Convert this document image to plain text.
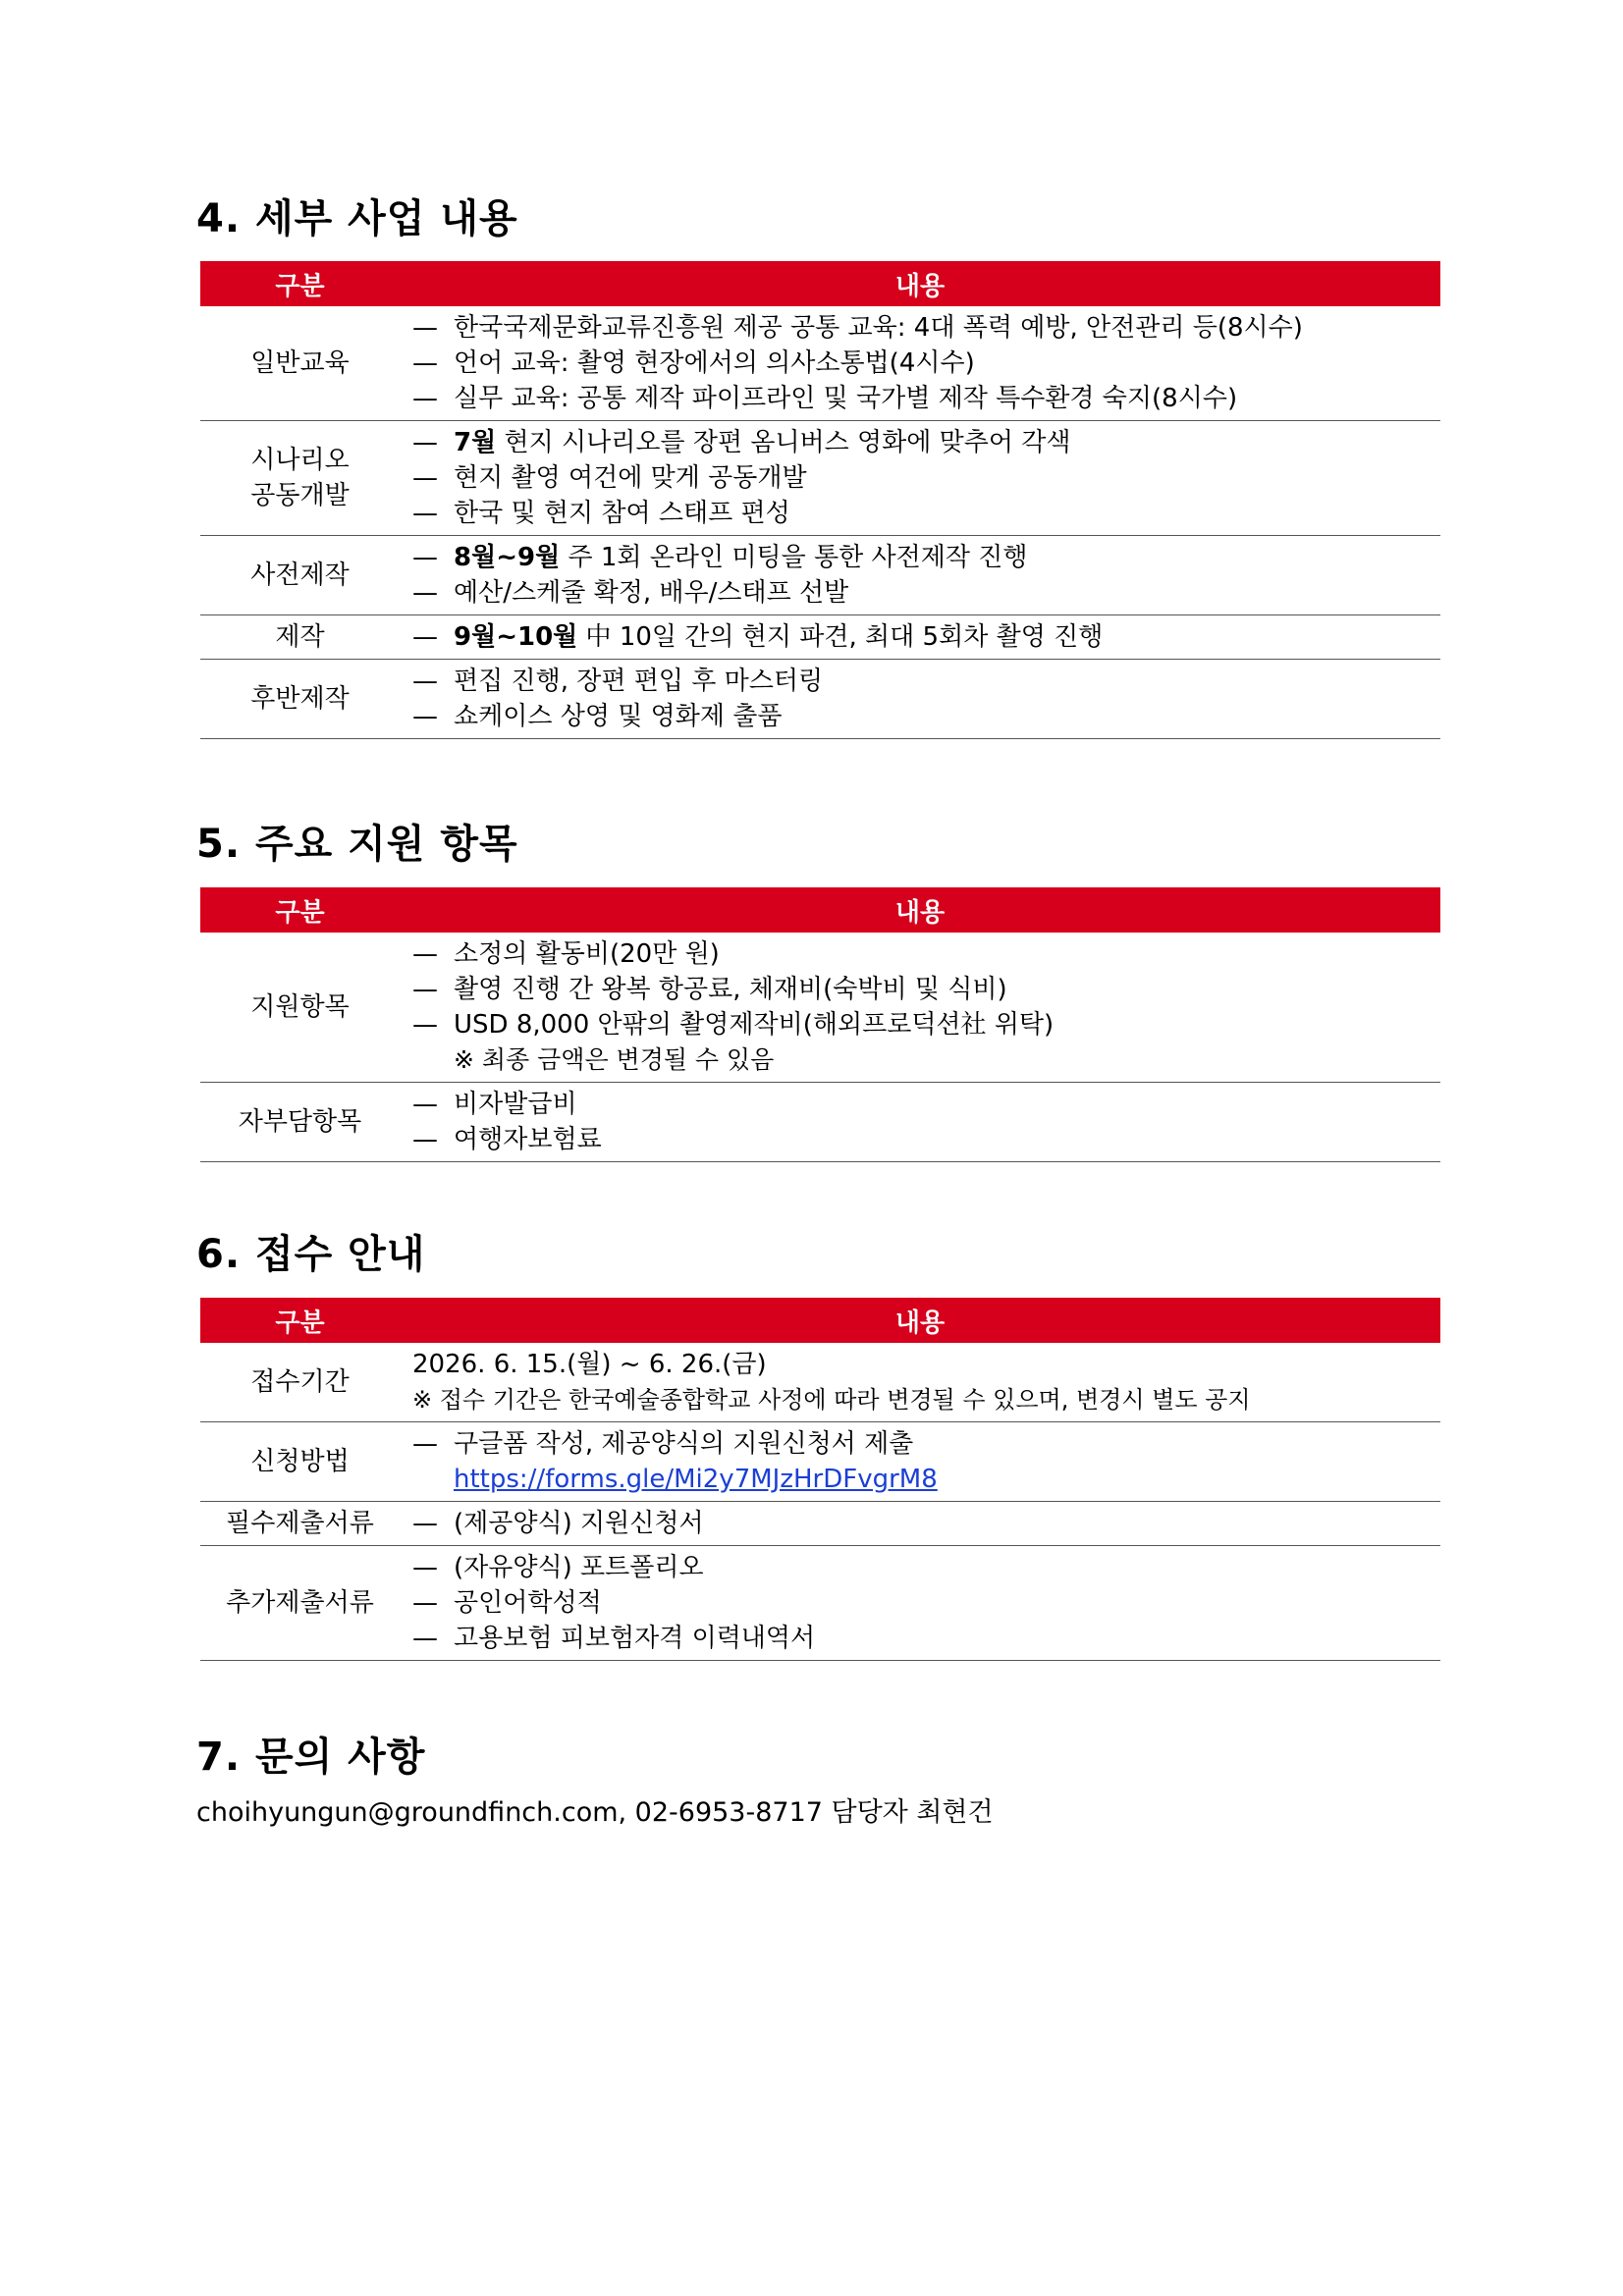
4. 세부 사업 내용
구분	내용

일반교육	— 한국국제문화교류진흥원 제공 공통 교육: 4대 폭력 예방, 안전관리 등(8시수)
— 언어 교육: 촬영 현장에서의 의사소통법(4시수)
— 실무 교육: 공통 제작 파이프라인 및 국가별 제작 특수환경 숙지(8시수)

시나리오
공동개발	— 7월 현지 시나리오를 장편 옴니버스 영화에 맞추어 각색
— 현지 촬영 여건에 맞게 공동개발
— 한국 및 현지 참여 스태프 편성

사전제작	— 8월~9월 주 1회 온라인 미팅을 통한 사전제작 진행
— 예산/스케줄 확정, 배우/스태프 선발

제작	— 9월~10월 中 10일 간의 현지 파견, 최대 5회차 촬영 진행

후반제작	— 편집 진행, 장편 편입 후 마스터링
— 쇼케이스 상영 및 영화제 출품
5. 주요 지원 항목
구분	내용

지원항목	— 소정의 활동비(20만 원)
— 촬영 진행 간 왕복 항공료, 체재비(숙박비 및 식비)
— USD 8,000 안팎의 촬영제작비(해외프로덕션社 위탁)
※ 최종 금액은 변경될 수 있음

자부담항목	— 비자발급비
— 여행자보험료
6. 접수 안내
구분	내용

접수기간	2026. 6. 15.(월) ~ 6. 26.(금)
※ 접수 기간은 한국예술종합학교 사정에 따라 변경될 수 있으며, 변경시 별도 공지

신청방법	— 구글폼 작성, 제공양식의 지원신청서 제출
https://forms.gle/Mi2y7MJzHrDFvgrM8

필수제출서류	— (제공양식) 지원신청서

추가제출서류	— (자유양식) 포트폴리오
— 공인어학성적
— 고용보험 피보험자격 이력내역서
7. 문의 사항

choihyungun@groundfinch.com, 02-6953-8717 담당자 최현건
